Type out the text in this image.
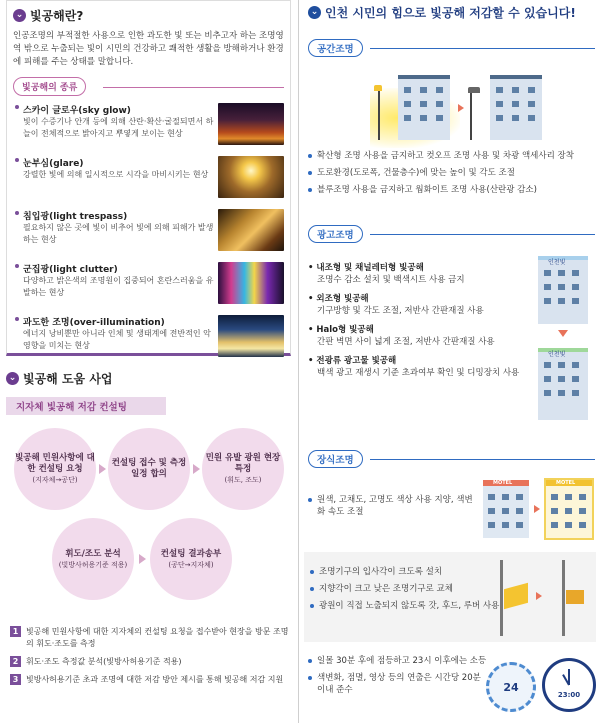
⌄ 빛공해란?

인공조명의 부적절한 사용으로 인한 과도한 빛 또는 비추고자 하는 조명영역 밖으로 누출되는 빛이 시민의 건강하고 쾌적한 생활을 방해하거나 환경에 피해를 주는 상태를 말합니다.

빛공해의 종류
스카이 글로우(sky glow)
빛이 수증기나 안개 등에 의해 산란·확산·굴절되면서 하늘이 전체적으로 밝아지고 뿌옇게 보이는 현상
눈부심(glare)
강렬한 빛에 의해 일시적으로 시각을 마비시키는 현상
침입광(light trespass)
필요하지 않은 곳에 빛이 비추어 빛에 의해 피해가 발생하는 현상
군집광(light clutter)
다양하고 밝은색의 조명원이 집중되어 혼란스러움을 유발하는 현상
과도한 조명(over-illumination)
에너지 낭비뿐만 아니라 인체 및 생태계에 전반적인 악영향을 미치는 현상
⌄ 빛공해 도움 사업
지자체 빛공해 저감 컨설팅
빛공해 민원사항에 대한 컨설팅 요청
(지자체→공단)
컨설팅 접수 및 측정 일정 합의
민원 유발 광원 현장특정
(휘도, 조도)
휘도/조도 분석
(빛방사허용기준 적용)
컨설팅 결과송부
(공단→지자체)
1 빛공해 민원사항에 대한 지자체의 컨설팅 요청을 접수받아 현장을 방문 조명의 휘도·조도를 측정
2 휘도·조도 측정값 분석(빛방사허용기준 적용)
3 빛방사허용기준 초과 조명에 대한 저감 방안 제시를 통해 빛공해 저감 지원
⌄ 인천 시민의 힘으로 빛공해 저감할 수 있습니다!
공간조명
확산형 조명 사용을 금지하고 컷오프 조명 사용 및 차광 액세사리 장착
도로환경(도로폭, 건물층수)에 맞는 높이 및 각도 조절
블루조명 사용을 금지하고 웜화이트 조명 사용(산란광 감소)
광고조명
• 내조형 및 채널레터형 빛공해
조명수 감소 설치 및 백색시트 사용 금지
• 외조형 빛공해
기구방향 및 각도 조절, 저반사 간판재질 사용
• Halo형 빛공해
간판 벽면 사이 넓게 조절, 저반사 간판재질 사용
• 전광류 광고물 빛공해
백색 광고 재생시 기준 초과여부 확인 및 디밍장치 사용
인천빛
인천빛
장식조명
원색, 고채도, 고명도 색상 사용 지양, 색변화 속도 조절
MOTEL	MOTEL
조명기구의 입사각이 크도록 설치
지향각이 크고 낮은 조명기구로 교체
광원이 직접 노출되지 않도록 갓, 후드, 루버 사용
일몰 30분 후에 점등하고 23시 이후에는 소등
색변화, 점멸, 영상 등의 연출은 시간당 20분 이내 준수	24
23:00
